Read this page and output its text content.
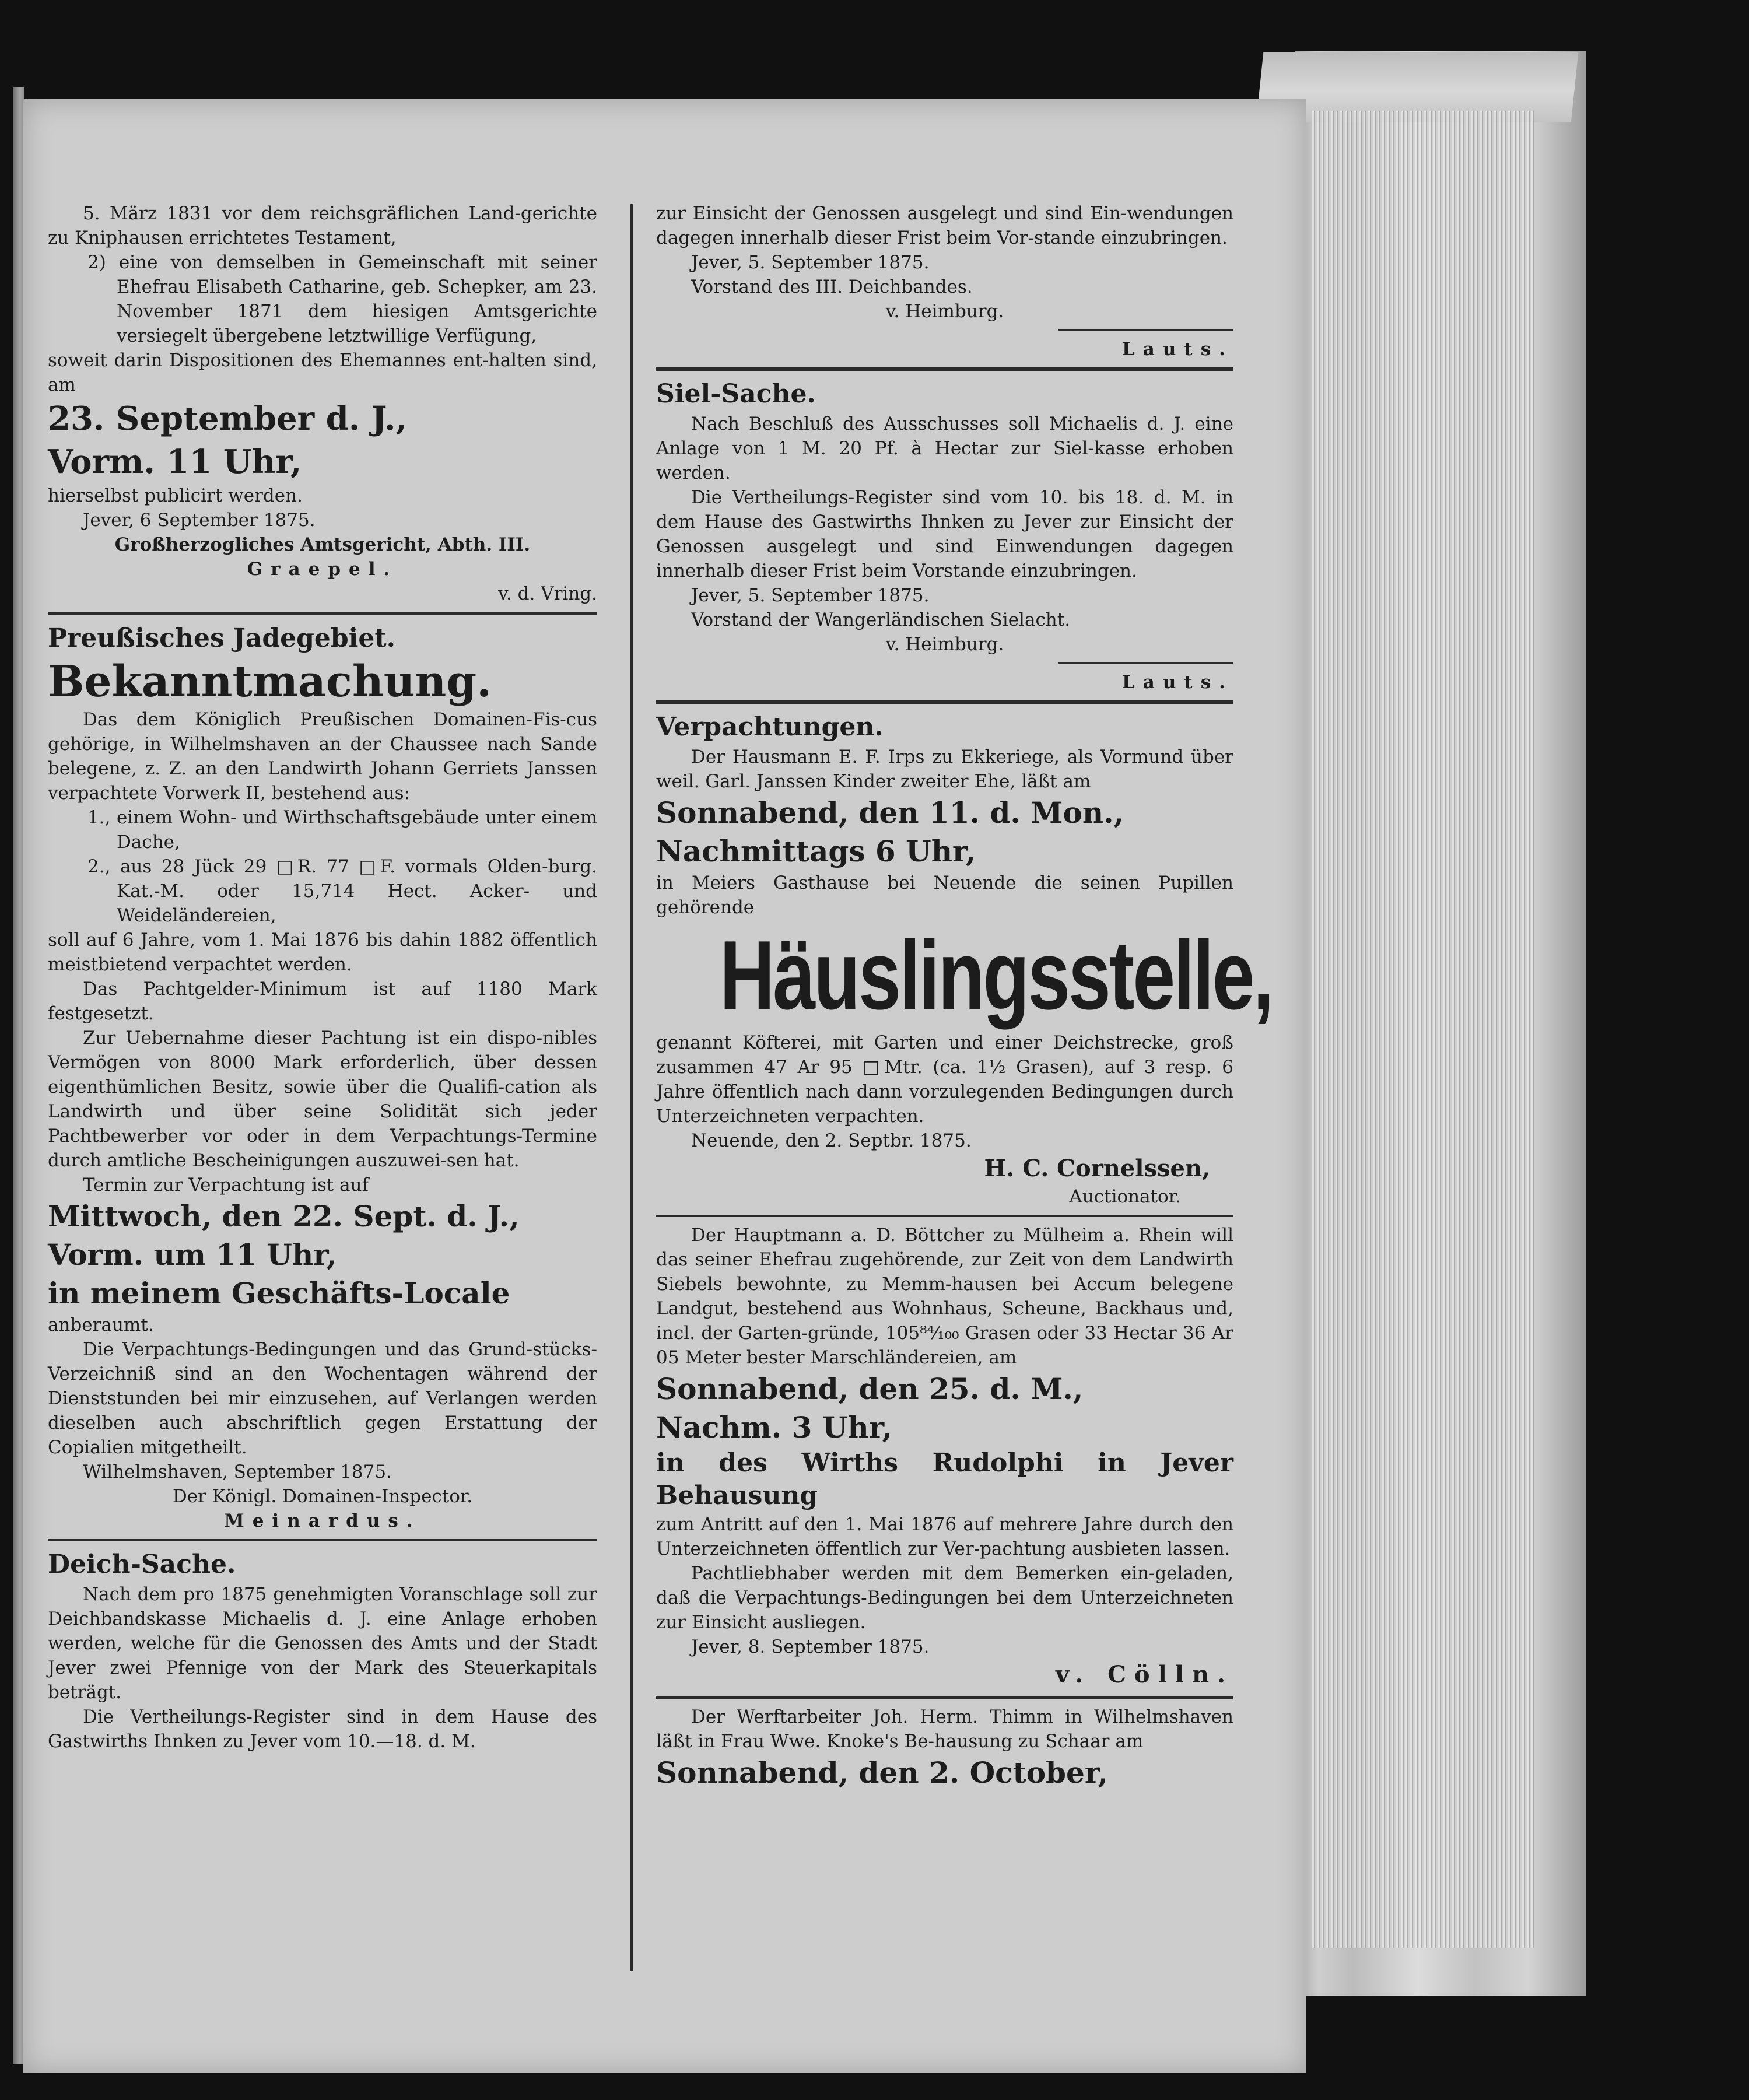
5. März 1831 vor dem reichsgräflichen Land-gerichte zu Kniphausen errichtetes Testament,

2) eine von demselben in Gemeinschaft mit seiner Ehefrau Elisabeth Catharine, geb. Schepker, am 23. November 1871 dem hiesigen Amtsgerichte versiegelt übergebene letztwillige Verfügung,

soweit darin Dispositionen des Ehemannes ent-halten sind, am

23. September d. J.,

Vorm. 11 Uhr,

hierselbst publicirt werden.

Jever, 6 September 1875.

Großherzogliches Amtsgericht, Abth. III.

Graepel.

v. d. Vring.

Preußisches Jadegebiet.

Bekanntmachung.

Das dem Königlich Preußischen Domainen-Fis-cus gehörige, in Wilhelmshaven an der Chaussee nach Sande belegene, z. Z. an den Landwirth Johann Gerriets Janssen verpachtete Vorwerk II, bestehend aus:

1., einem Wohn- und Wirthschaftsgebäude unter einem Dache,

2., aus 28 Jück 29 □R. 77 □F. vormals Olden-burg. Kat.-M. oder 15,714 Hect. Acker- und Weideländereien,

soll auf 6 Jahre, vom 1. Mai 1876 bis dahin 1882 öffentlich meistbietend verpachtet werden.

Das Pachtgelder-Minimum ist auf 1180 Mark festgesetzt.

Zur Uebernahme dieser Pachtung ist ein dispo-nibles Vermögen von 8000 Mark erforderlich, über dessen eigenthümlichen Besitz, sowie über die Qualifi-cation als Landwirth und über seine Solidität sich jeder Pachtbewerber vor oder in dem Verpachtungs-Termine durch amtliche Bescheinigungen auszuwei-sen hat.

Termin zur Verpachtung ist auf

Mittwoch, den 22. Sept. d. J.,

Vorm. um 11 Uhr,

in meinem Geschäfts-Locale

anberaumt.

Die Verpachtungs-Bedingungen und das Grund-stücks-Verzeichniß sind an den Wochentagen während der Dienststunden bei mir einzusehen, auf Verlangen werden dieselben auch abschriftlich gegen Erstattung der Copialien mitgetheilt.

Wilhelmshaven, September 1875.

Der Königl. Domainen-Inspector.

Meinardus.

Deich-Sache.

Nach dem pro 1875 genehmigten Voranschlage soll zur Deichbandskasse Michaelis d. J. eine Anlage erhoben werden, welche für die Genossen des Amts und der Stadt Jever zwei Pfennige von der Mark des Steuerkapitals beträgt.

Die Vertheilungs-Register sind in dem Hause des Gastwirths Ihnken zu Jever vom 10.—18. d. M.

zur Einsicht der Genossen ausgelegt und sind Ein-wendungen dagegen innerhalb dieser Frist beim Vor-stande einzubringen.

Jever, 5. September 1875.

Vorstand des III. Deichbandes.

v. Heimburg.

Lauts.

Siel-Sache.

Nach Beschluß des Ausschusses soll Michaelis d. J. eine Anlage von 1 M. 20 Pf. à Hectar zur Siel-kasse erhoben werden.

Die Vertheilungs-Register sind vom 10. bis 18. d. M. in dem Hause des Gastwirths Ihnken zu Jever zur Einsicht der Genossen ausgelegt und sind Einwendungen dagegen innerhalb dieser Frist beim Vorstande einzubringen.

Jever, 5. September 1875.

Vorstand der Wangerländischen Sielacht.

v. Heimburg.

Lauts.

Verpachtungen.

Der Hausmann E. F. Irps zu Ekkeriege, als Vormund über weil. Garl. Janssen Kinder zweiter Ehe, läßt am

Sonnabend, den 11. d. Mon.,

Nachmittags 6 Uhr,

in Meiers Gasthause bei Neuende die seinen Pupillen gehörende

Häuslingsstelle,

genannt Köfterei, mit Garten und einer Deichstrecke, groß zusammen 47 Ar 95 □Mtr. (ca. 1½ Grasen), auf 3 resp. 6 Jahre öffentlich nach dann vorzulegenden Bedingungen durch Unterzeichneten verpachten.

Neuende, den 2. Septbr. 1875.

H. C. Cornelssen,

Auctionator.

Der Hauptmann a. D. Böttcher zu Mülheim a. Rhein will das seiner Ehefrau zugehörende, zur Zeit von dem Landwirth Siebels bewohnte, zu Memm-hausen bei Accum belegene Landgut, bestehend aus Wohnhaus, Scheune, Backhaus und, incl. der Garten-gründe, 105⁸⁴⁄₁₀₀ Grasen oder 33 Hectar 36 Ar 05 Meter bester Marschländereien, am

Sonnabend, den 25. d. M.,

Nachm. 3 Uhr,

in des Wirths Rudolphi in Jever Behausung

zum Antritt auf den 1. Mai 1876 auf mehrere Jahre durch den Unterzeichneten öffentlich zur Ver-pachtung ausbieten lassen.

Pachtliebhaber werden mit dem Bemerken ein-geladen, daß die Verpachtungs-Bedingungen bei dem Unterzeichneten zur Einsicht ausliegen.

Jever, 8. September 1875.

v. Cölln.

Der Werftarbeiter Joh. Herm. Thimm in Wilhelmshaven läßt in Frau Wwe. Knoke's Be-hausung zu Schaar am

Sonnabend, den 2. October,
